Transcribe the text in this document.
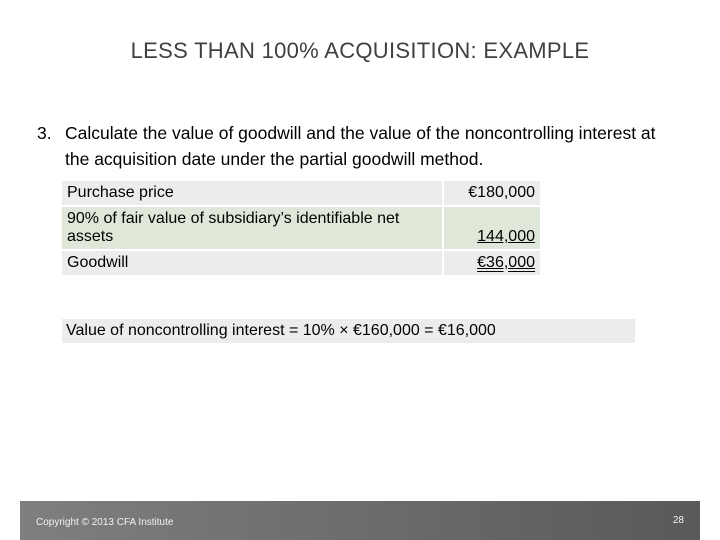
LESS THAN 100% ACQUISITION: EXAMPLE
3. Calculate the value of goodwill and the value of the noncontrolling interest at the acquisition date under the partial goodwill method.
Purchase price	€180,000
90% of fair value of subsidiary’s identifiable net assets	144,000
Goodwill	€36,000
Value of noncontrolling interest = 10% × €160,000 = €16,000
Copyright © 2013 CFA Institute	28
